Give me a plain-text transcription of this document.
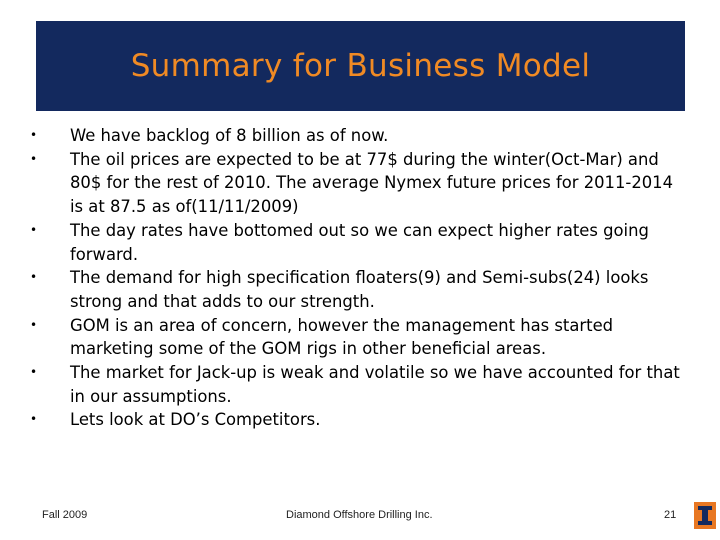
Summary for Business Model
• We have backlog of 8 billion as of now.
• The oil prices are expected to be at 77$ during the winter(Oct-Mar) and 80$ for the rest of 2010. The average Nymex future prices for 2011-2014 is at 87.5 as of(11/11/2009)
• The day rates have bottomed out so we can expect higher rates going forward.
• The demand for high specification floaters(9) and Semi-subs(24) looks strong and that adds to our strength.
• GOM is an area of concern, however the management has started marketing some of the GOM rigs in other beneficial areas.
• The market for Jack-up is weak and volatile so we have accounted for that in our assumptions.
• Lets look at DO’s Competitors.
Fall 2009	Diamond Offshore Drilling Inc.	21
